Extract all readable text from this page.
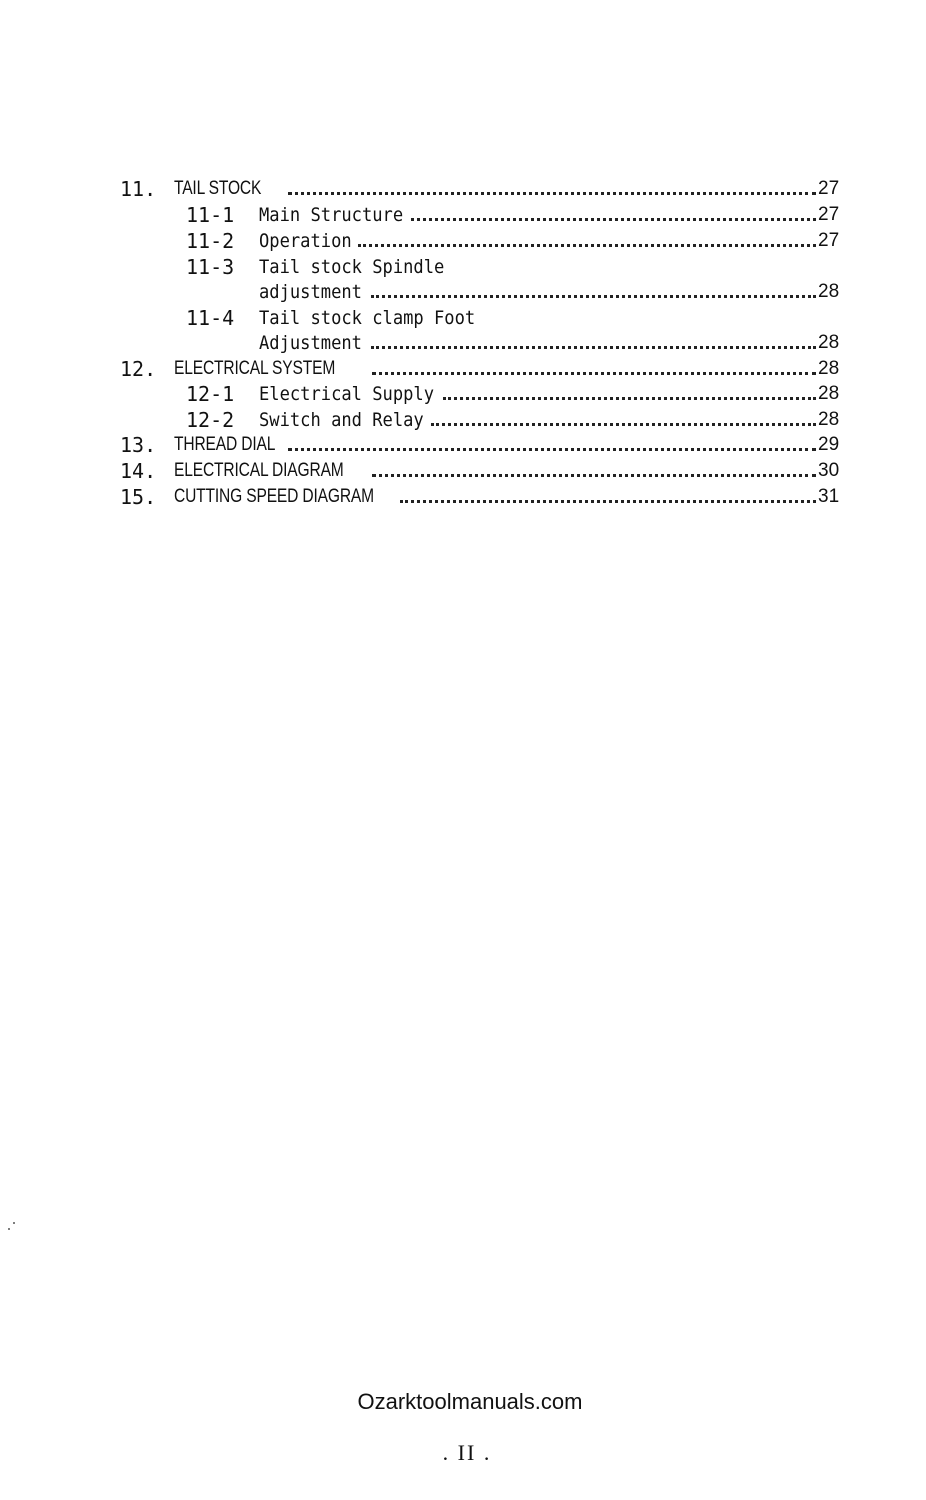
11. TAIL STOCK	27
11-1 Main Structure	27
11-2 Operation	27
11-3 Tail stock Spindle
adjustment	28
11-4 Tail stock clamp Foot
Adjustment	28
12. ELECTRICAL SYSTEM	28
12-1 Electrical Supply	28
12-2 Switch and Relay	28
13. THREAD DIAL	29
14. ELECTRICAL DIAGRAM	30
15. CUTTING SPEED DIAGRAM	31
Ozarktoolmanuals.com
. II .
